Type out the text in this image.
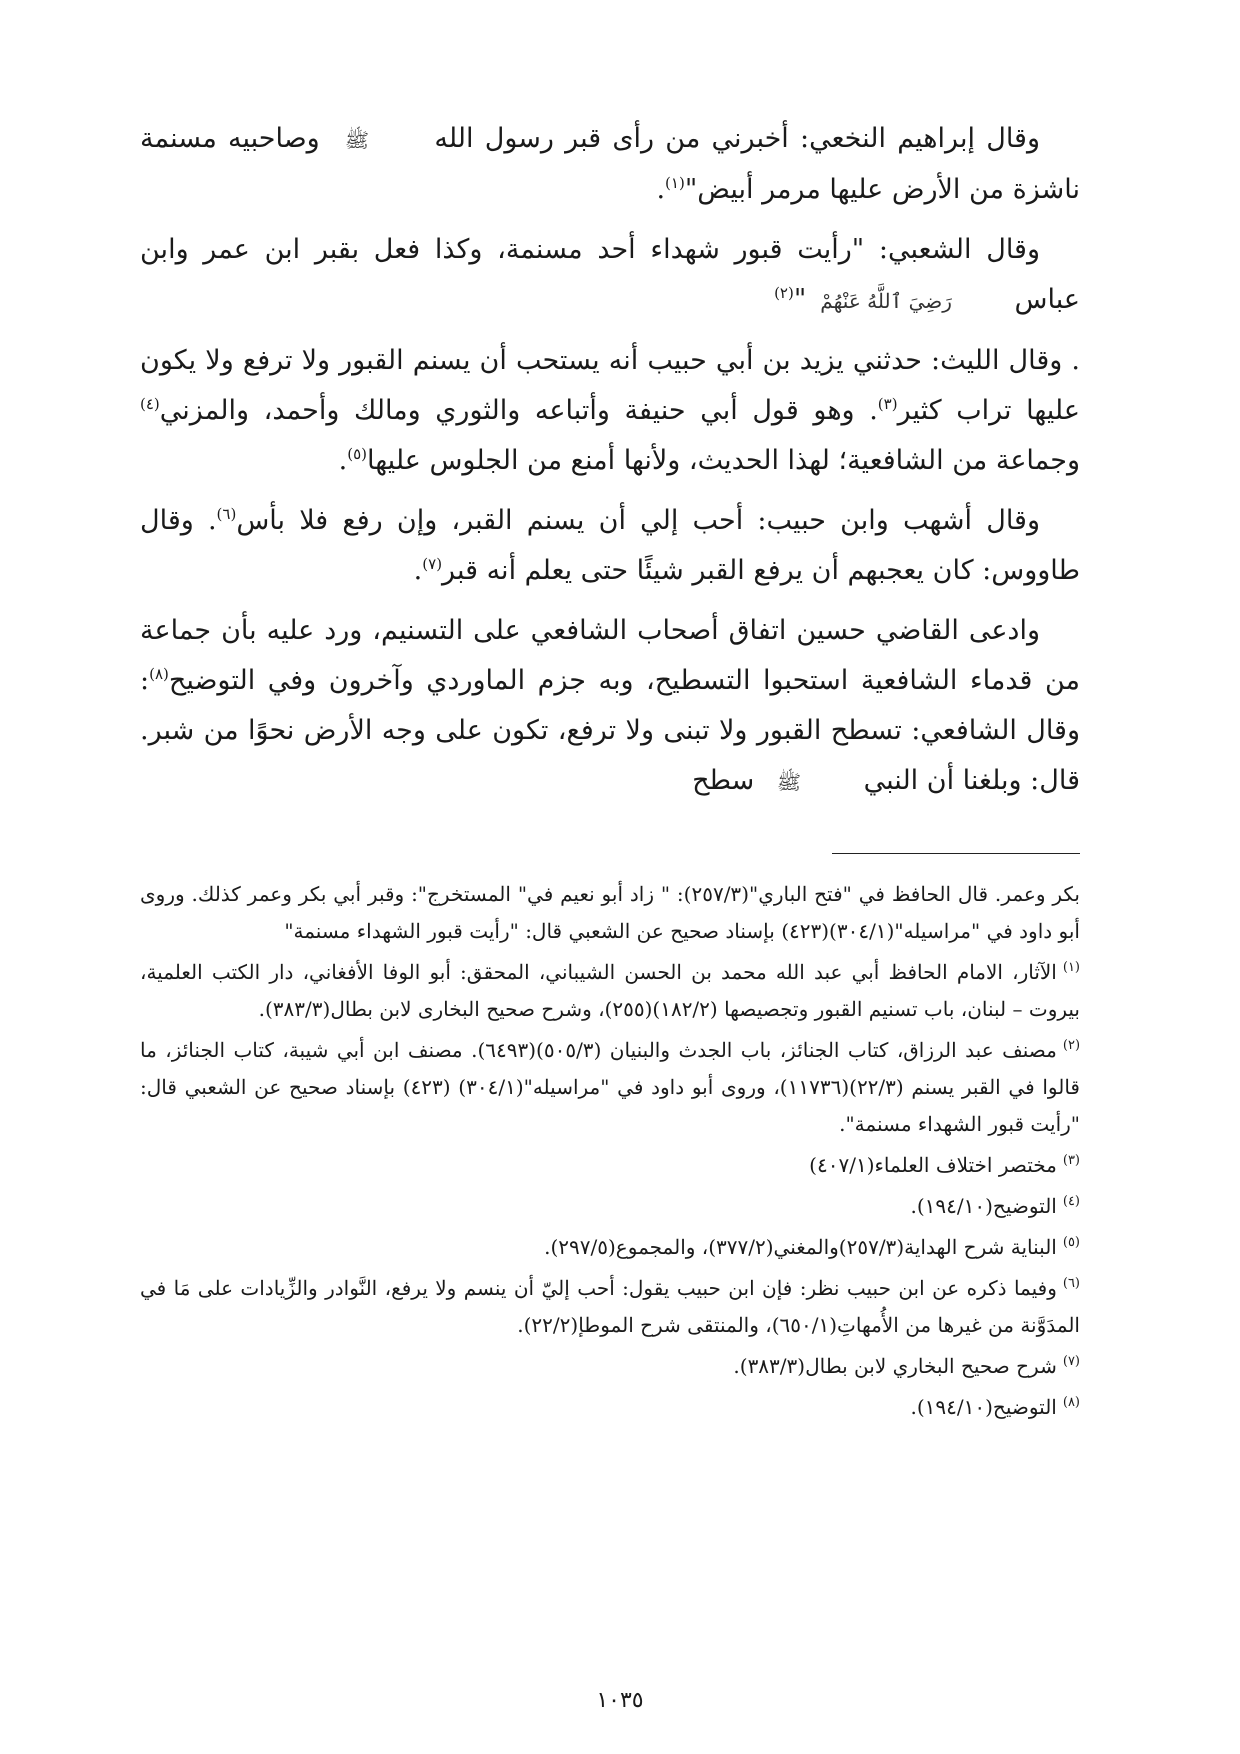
وقال إبراهيم النخعي: أخبرني من رأى قبر رسول الله ﷺ وصاحبيه مسنمة ناشزة من الأرض عليها مرمر أبيض"$^{(١)}$.

وقال الشعبي: "رأيت قبور شهداء أحد مسنمة، وكذا فعل بقبر ابن عمر وابن عباس رَضِيَ ٱللَّهُ عَنْهُمْ"$^{(٢)}$

. وقال الليث: حدثني يزيد بن أبي حبيب أنه يستحب أن يسنم القبور ولا ترفع ولا يكون عليها تراب كثير$^{(٣)}$. وهو قول أبي حنيفة وأتباعه والثوري ومالك وأحمد، والمزني$^{(٤)}$ وجماعة من الشافعية؛ لهذا الحديث، ولأنها أمنع من الجلوس عليها$^{(٥)}$.

وقال أشهب وابن حبيب: أحب إلي أن يسنم القبر، وإن رفع فلا بأس$^{(٦)}$. وقال طاووس: كان يعجبهم أن يرفع القبر شيئًا حتى يعلم أنه قبر$^{(٧)}$.

وادعى القاضي حسين اتفاق أصحاب الشافعي على التسنيم، ورد عليه بأن جماعة من قدماء الشافعية استحبوا التسطيح، وبه جزم الماوردي وآخرون وفي التوضيح$^{(٨)}$: وقال الشافعي: تسطح القبور ولا تبنى ولا ترفع، تكون على وجه الأرض نحوًا من شبر. قال: وبلغنا أن النبي ﷺ سطح

بكر وعمر. قال الحافظ في "فتح الباري"(٢٥٧/٣): " زاد أبو نعيم في" المستخرج": وقبر أبي بكر وعمر كذلك. وروى أبو داود في "مراسيله"(٣٠٤/١)(٤٢٣) بإسناد صحيح عن الشعبي قال: "رأيت قبور الشهداء مسنمة"
$^{(١)}$الآثار، الامام الحافظ أبي عبد الله محمد بن الحسن الشيباني، المحقق: أبو الوفا الأفغاني، دار الكتب العلمية، بيروت – لبنان، باب تسنيم القبور وتجصيصها (١٨٢/٢)(٢٥٥)، وشرح صحيح البخارى لابن بطال(٣٨٣/٣).
$^{(٢)}$مصنف عبد الرزاق، كتاب الجنائز، باب الجدث والبنيان (٥٠٥/٣)(٦٤٩٣). مصنف ابن أبي شيبة، كتاب الجنائز، ما قالوا في القبر يسنم (٢٢/٣)(١١٧٣٦)، وروى أبو داود في "مراسيله"(٣٠٤/١) (٤٢٣) بإسناد صحيح عن الشعبي قال: "رأيت قبور الشهداء مسنمة".
$^{(٣)}$مختصر اختلاف العلماء(٤٠٧/١)
$^{(٤)}$التوضيح(١٩٤/١٠).
$^{(٥)}$البناية شرح الهداية(٢٥٧/٣)والمغني(٣٧٧/٢)، والمجموع(٢٩٧/٥).
$^{(٦)}$وفيما ذكره عن ابن حبيب نظر: فإن ابن حبيب يقول: أحب إليّ أن ينسم ولا يرفع، النَّوادر والزِّيادات على مَا في المدَوَّنة من غيرها من الأُمهاتِ(٦٥٠/١)، والمنتقى شرح الموطإ(٢٢/٢).
$^{(٧)}$شرح صحيح البخاري لابن بطال(٣٨٣/٣).
$^{(٨)}$التوضيح(١٩٤/١٠).
١٠٣٥
